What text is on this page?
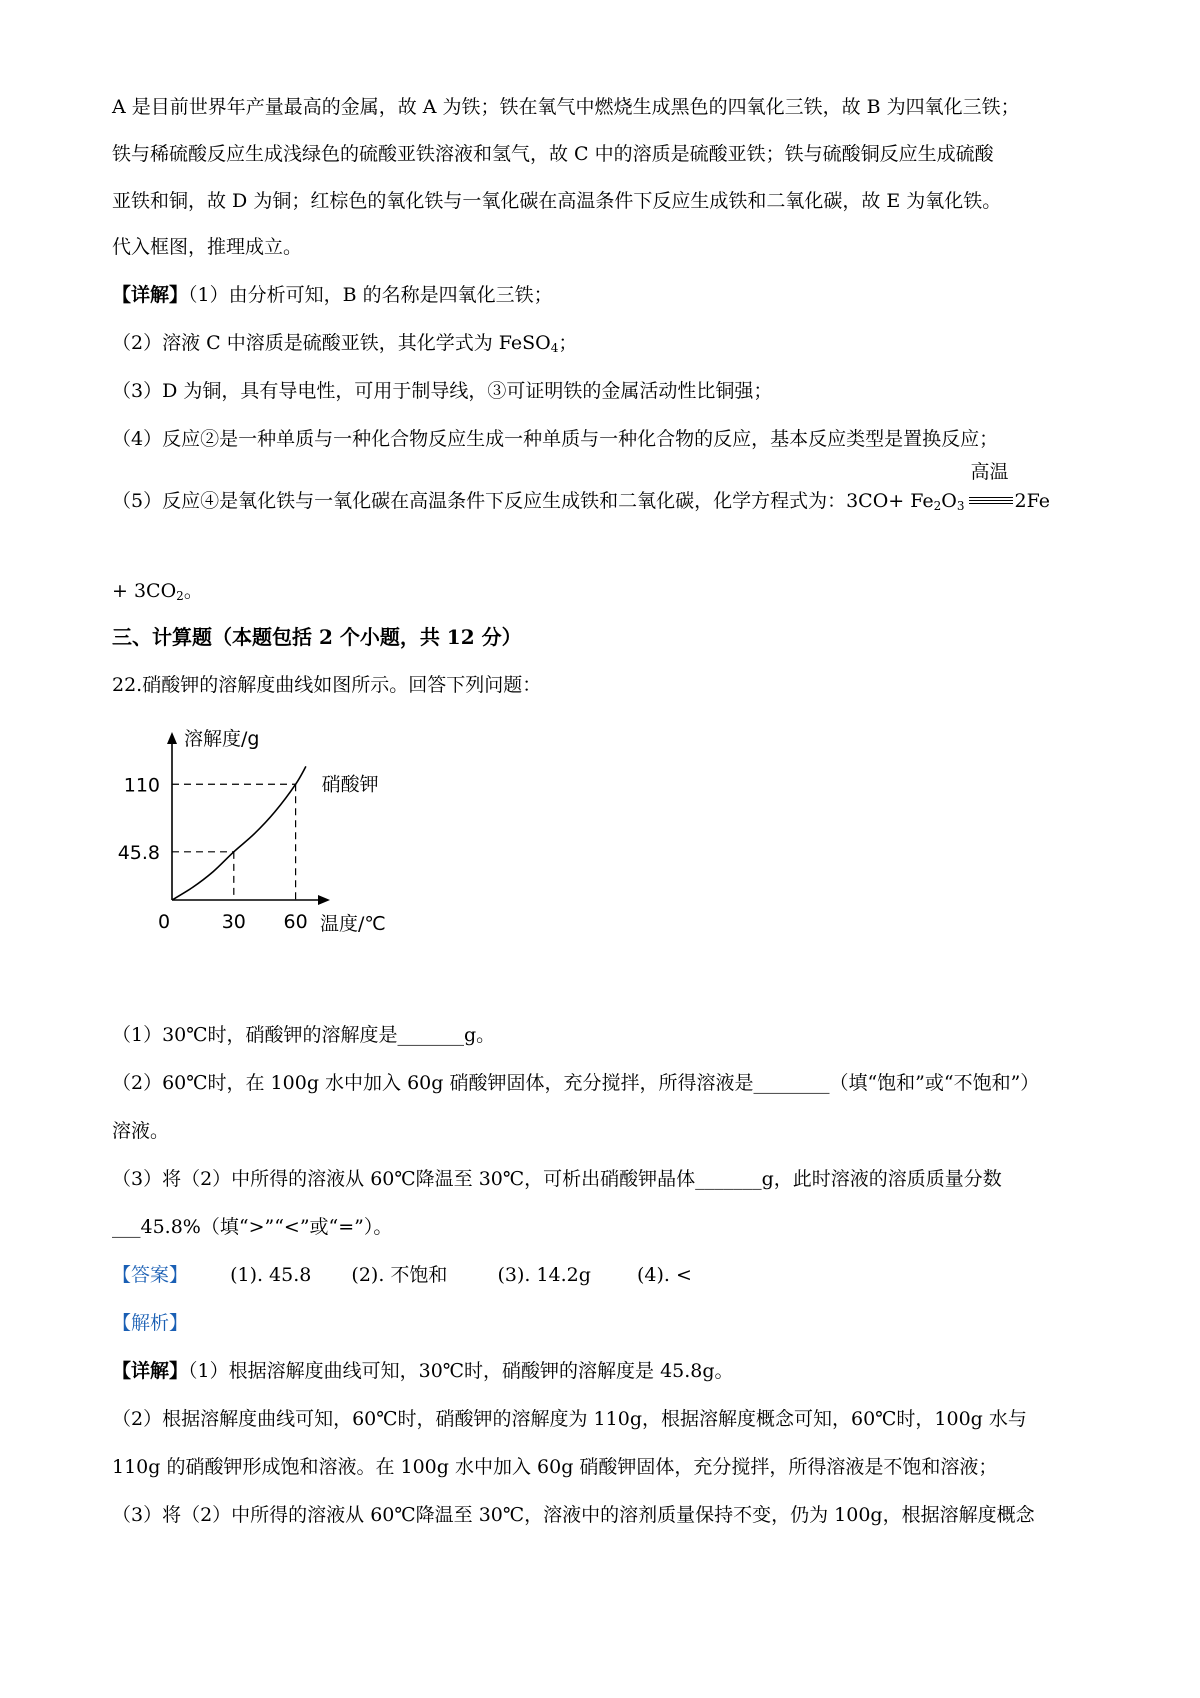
A 是目前世界年产量最高的金属，故 A 为铁；铁在氧气中燃烧生成黑色的四氧化三铁，故 B 为四氧化三铁；
铁与稀硫酸反应生成浅绿色的硫酸亚铁溶液和氢气，故 C 中的溶质是硫酸亚铁；铁与硫酸铜反应生成硫酸
亚铁和铜，故 D 为铜；红棕色的氧化铁与一氧化碳在高温条件下反应生成铁和二氧化碳，故 E 为氧化铁。
代入框图，推理成立。
【详解】（1）由分析可知，B 的名称是四氧化三铁；
（2）溶液 C 中溶质是硫酸亚铁，其化学式为 FeSO$_4$；
（3）D 为铜，具有导电性，可用于制导线，③可证明铁的金属活动性比铜强；
（4）反应②是一种单质与一种化合物反应生成一种单质与一种化合物的反应，基本反应类型是置换反应；
（5）反应④是氧化铁与一氧化碳在高温条件下反应生成铁和二氧化碳，化学方程式为：$3CO+ Fe_2O_3$
高温
2Fe
+ $3CO_2$。
三、计算题（本题包括 2 个小题，共 12 分）
22.硝酸钾的溶解度曲线如图所示。回答下列问题：
溶解度/g
温度/℃
0	30 60
45.8
110	硝酸钾
（1）30℃时，硝酸钾的溶解度是_______g。
（2）60℃时，在 100g 水中加入 60g 硝酸钾固体，充分搅拌，所得溶液是________（填“饱和”或“不饱和”）
溶液。
（3）将（2）中所得的溶液从 60℃降温至 30℃，可析出硝酸钾晶体_______g，此时溶液的溶质质量分数
___45.8%（填“>”“<”或“=”）。
【答案】 (1). 45.8 (2). 不饱和	(3). 14.2g (4). <
【解析】
【详解】（1）根据溶解度曲线可知，30℃时，硝酸钾的溶解度是 45.8g。
（2）根据溶解度曲线可知，60℃时，硝酸钾的溶解度为 110g，根据溶解度概念可知，60℃时，100g 水与
110g 的硝酸钾形成饱和溶液。在 100g 水中加入 60g 硝酸钾固体，充分搅拌，所得溶液是不饱和溶液；
（3）将（2）中所得的溶液从 60℃降温至 30℃，溶液中的溶剂质量保持不变，仍为 100g，根据溶解度概念
